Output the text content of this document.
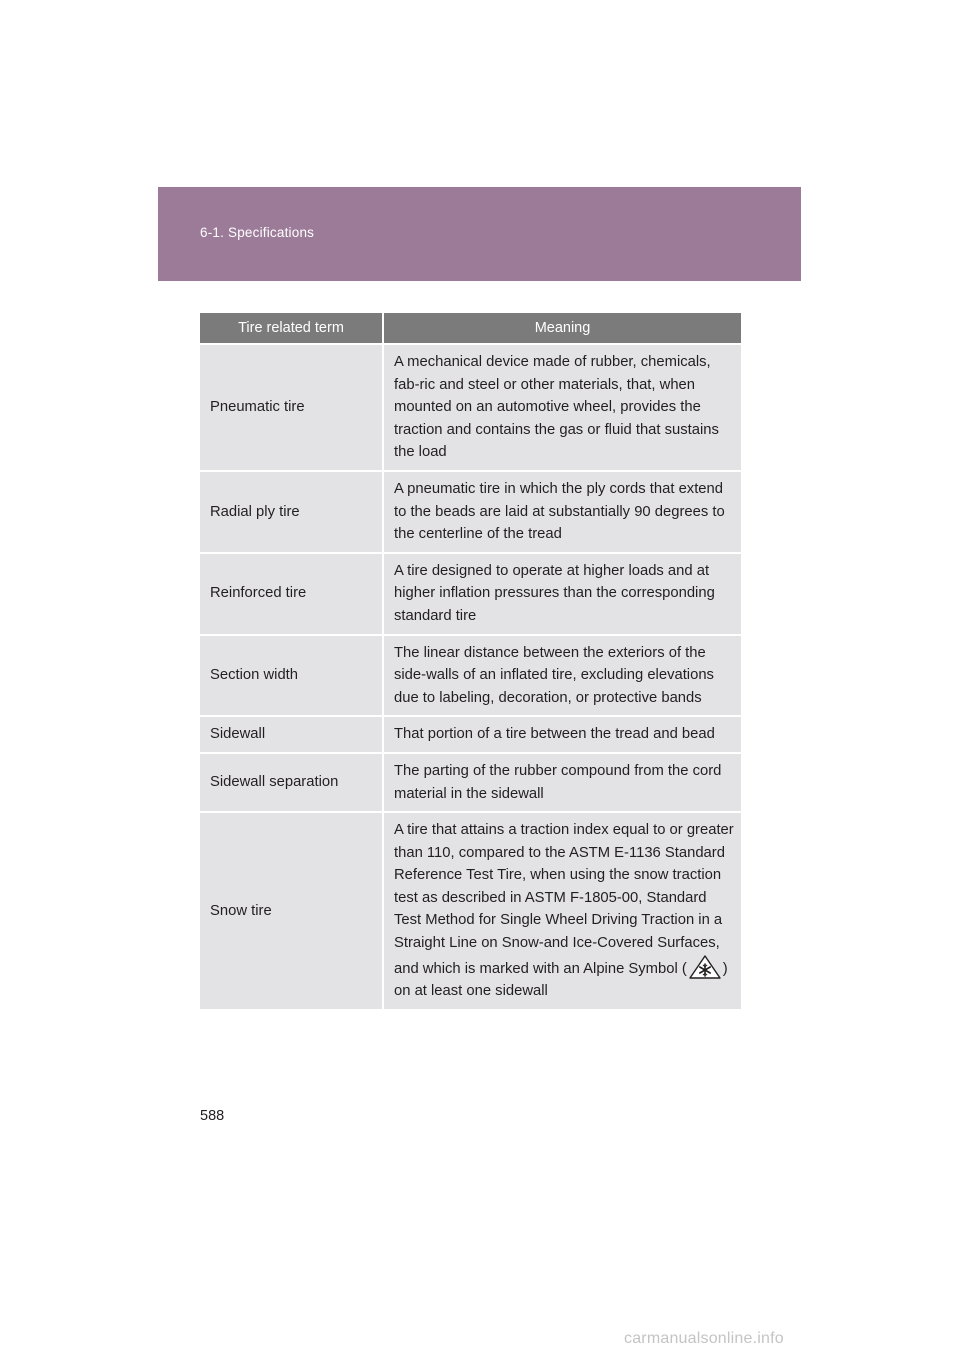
6-1. Specifications
Tire related term	Meaning
Pneumatic tire	A mechanical device made of rubber, chemicals, fab-ric and steel or other materials, that, when mounted on an automotive wheel, provides the traction and contains the gas or fluid that sustains the load
Radial ply tire	A pneumatic tire in which the ply cords that extend to the beads are laid at substantially 90 degrees to the centerline of the tread
Reinforced tire	A tire designed to operate at higher loads and at higher inflation pressures than the corresponding standard tire
Section width	The linear distance between the exteriors of the side-walls of an inflated tire, excluding elevations due to labeling, decoration, or protective bands
Sidewall	That portion of a tire between the tread and bead
Sidewall separation	The parting of the rubber compound from the cord material in the sidewall
Snow tire	A tire that attains a traction index equal to or greater than 110, compared to the ASTM E-1136 Standard Reference Test Tire, when using the snow traction test as described in ASTM F-1805-00, Standard Test Method for Single Wheel Driving Traction in a Straight Line on Snow-and Ice-Covered Surfaces, and which is marked with an Alpine Symbol ( ) on at least one sidewall
588
carmanualsonline.info
